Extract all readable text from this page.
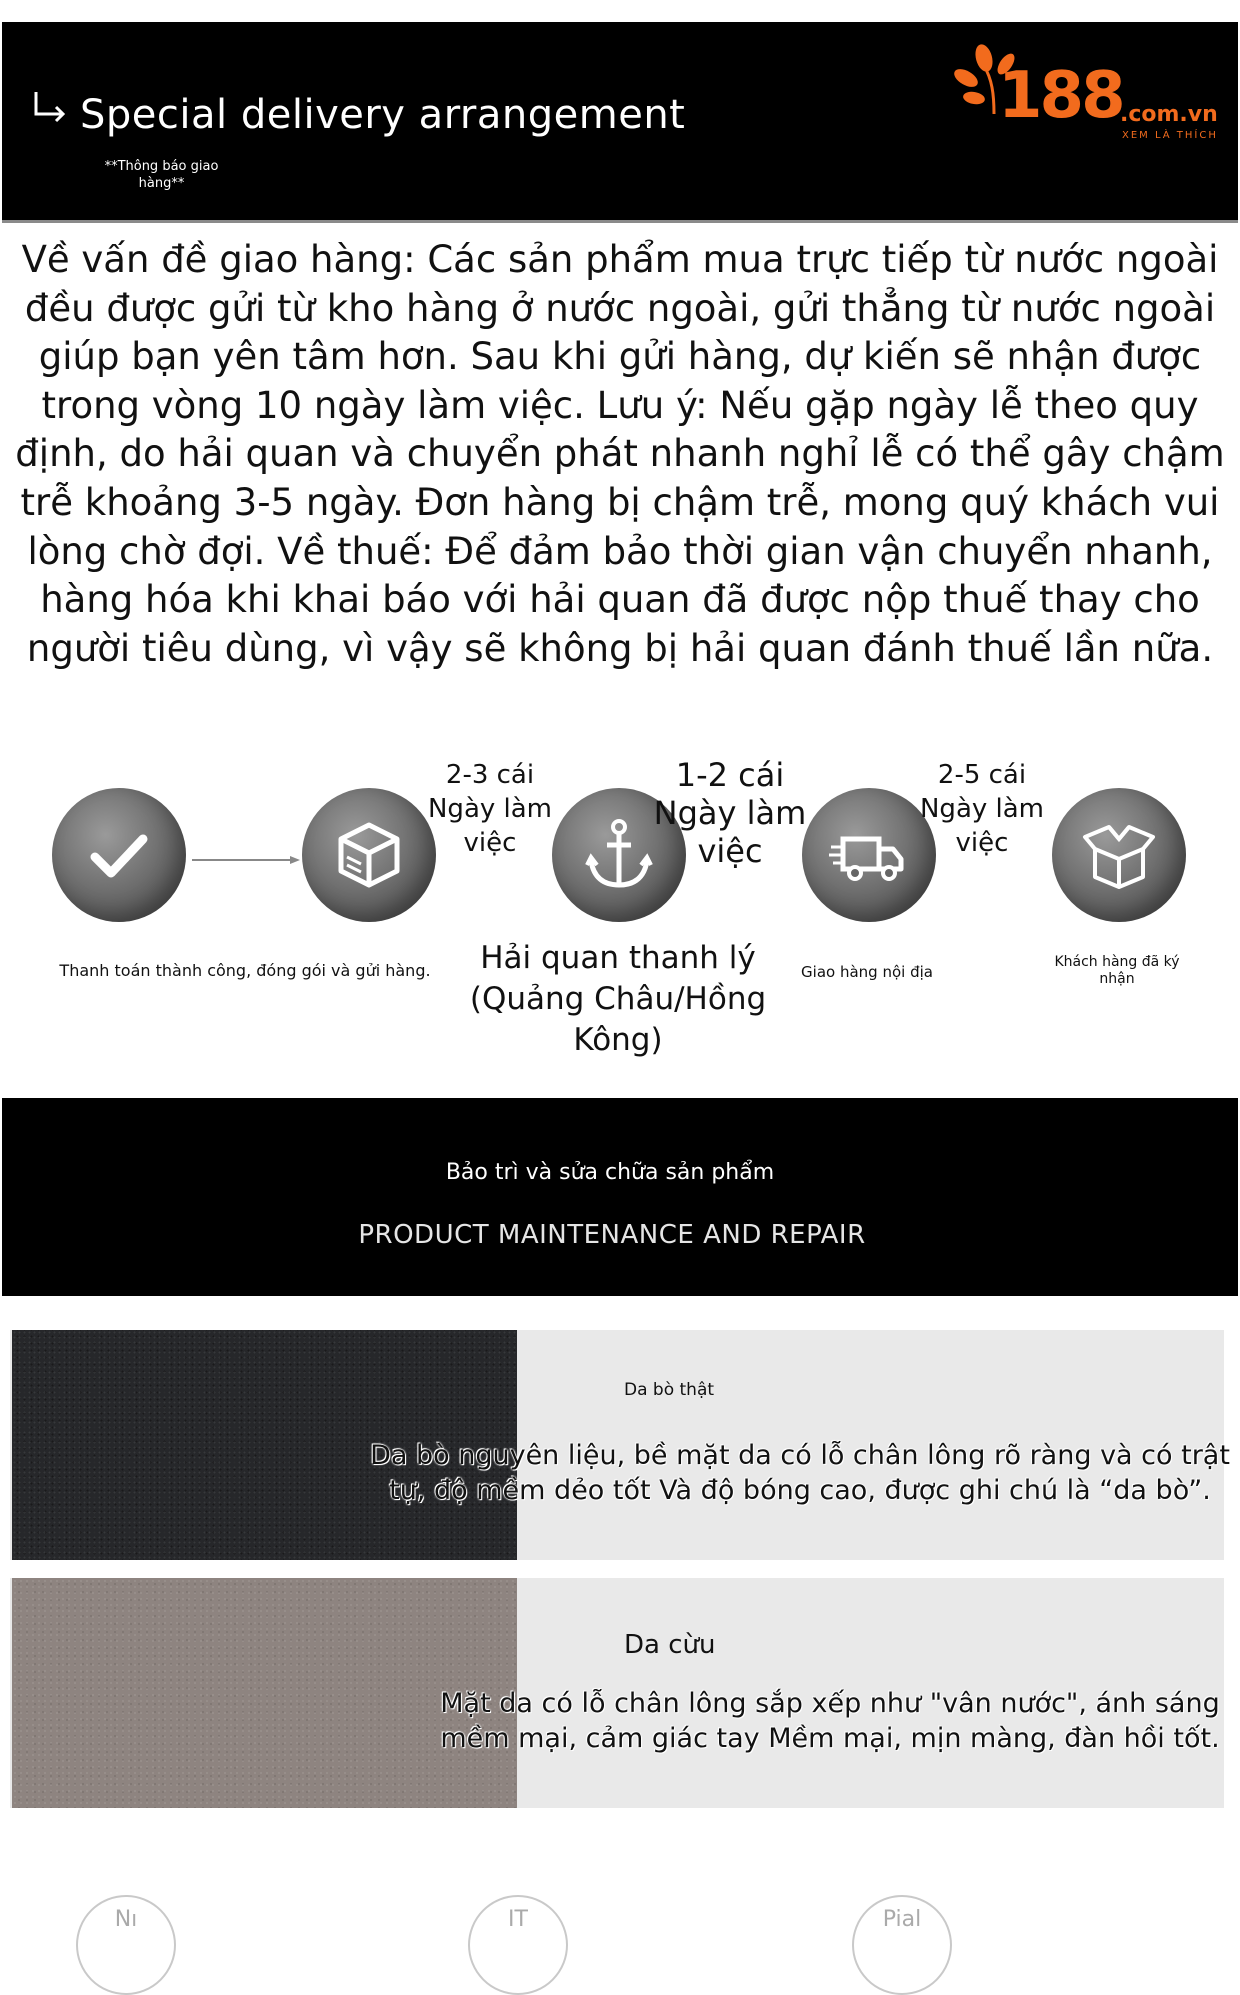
Special delivery arrangement
**Thông báo giao hàng**
188
.com.vn
XEM LÀ THÍCH
Về vấn đề giao hàng: Các sản phẩm mua trực tiếp từ nước ngoài đều được gửi từ kho hàng ở nước ngoài, gửi thẳng từ nước ngoài giúp bạn yên tâm hơn. Sau khi gửi hàng, dự kiến sẽ nhận được trong vòng 10 ngày làm việc. Lưu ý: Nếu gặp ngày lễ theo quy định, do hải quan và chuyển phát nhanh nghỉ lễ có thể gây chậm trễ khoảng 3-5 ngày. Đơn hàng bị chậm trễ, mong quý khách vui lòng chờ đợi. Về thuế: Để đảm bảo thời gian vận chuyển nhanh, hàng hóa khi khai báo với hải quan đã được nộp thuế thay cho người tiêu dùng, vì vậy sẽ không bị hải quan đánh thuế lần nữa.
2-3 cái
Ngày làm việc
1-2 cái
Ngày làm việc
2-5 cái
Ngày làm việc
Thanh toán thành công, đóng gói và gửi hàng.	Hải quan thanh lý (Quảng Châu/Hồng Kông)
Giao hàng nội địa
Khách hàng đã ký nhận
Bảo trì và sửa chữa sản phẩm
PRODUCT MAINTENANCE AND REPAIR
Da bò thật
Da bò nguyên liệu, bề mặt da có lỗ chân lông rõ ràng và có trật tự, độ mềm dẻo tốt Và độ bóng cao, được ghi chú là “da bò”.
Da cừu
Mặt da có lỗ chân lông sắp xếp như "vân nước", ánh sáng mềm mại, cảm giác tay Mềm mại, mịn màng, đàn hồi tốt.
Nı	IT	Pial
